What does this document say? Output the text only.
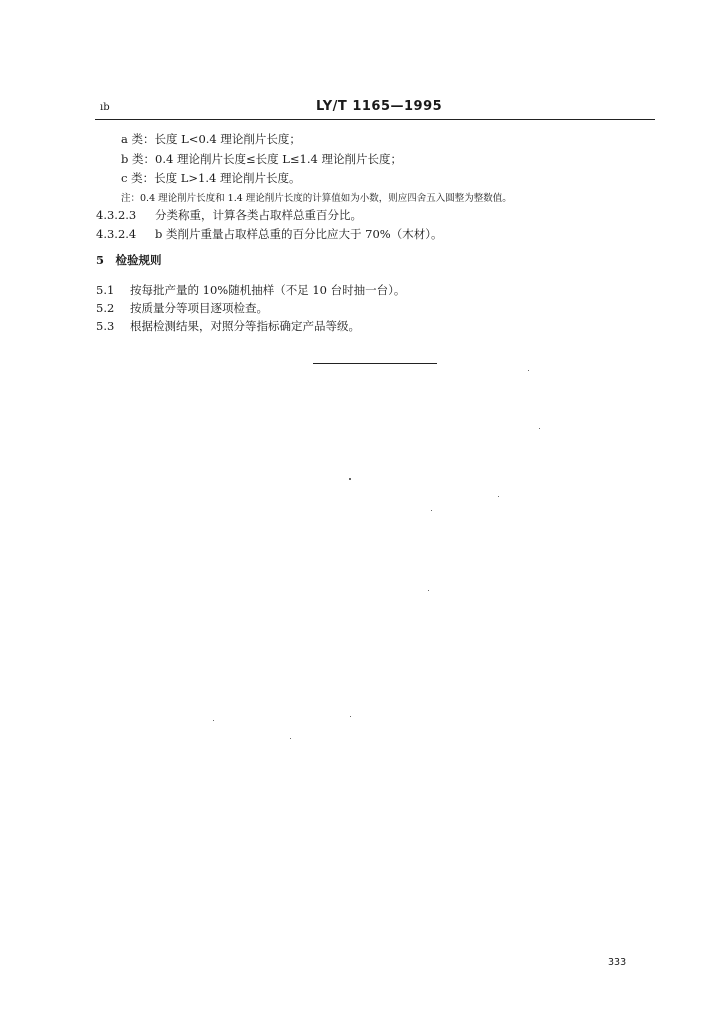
ıb	LY/T 1165—1995
a 类：长度 L<0.4 理论削片长度；
b 类：0.4 理论削片长度≤长度 L≤1.4 理论削片长度；
c 类：长度 L>1.4 理论削片长度。
注：0.4 理论削片长度和 1.4 理论削片长度的计算值如为小数，则应四舍五入圆整为整数值。
4.3.2.3 分类称重，计算各类占取样总重百分比。
4.3.2.4 b 类削片重量占取样总重的百分比应大于 70%（木材）。
5　检验规则
5.1 按每批产量的 10%随机抽样（不足 10 台时抽一台）。
5.2 按质量分等项目逐项检查。
5.3 根据检测结果，对照分等指标确定产品等级。
333
